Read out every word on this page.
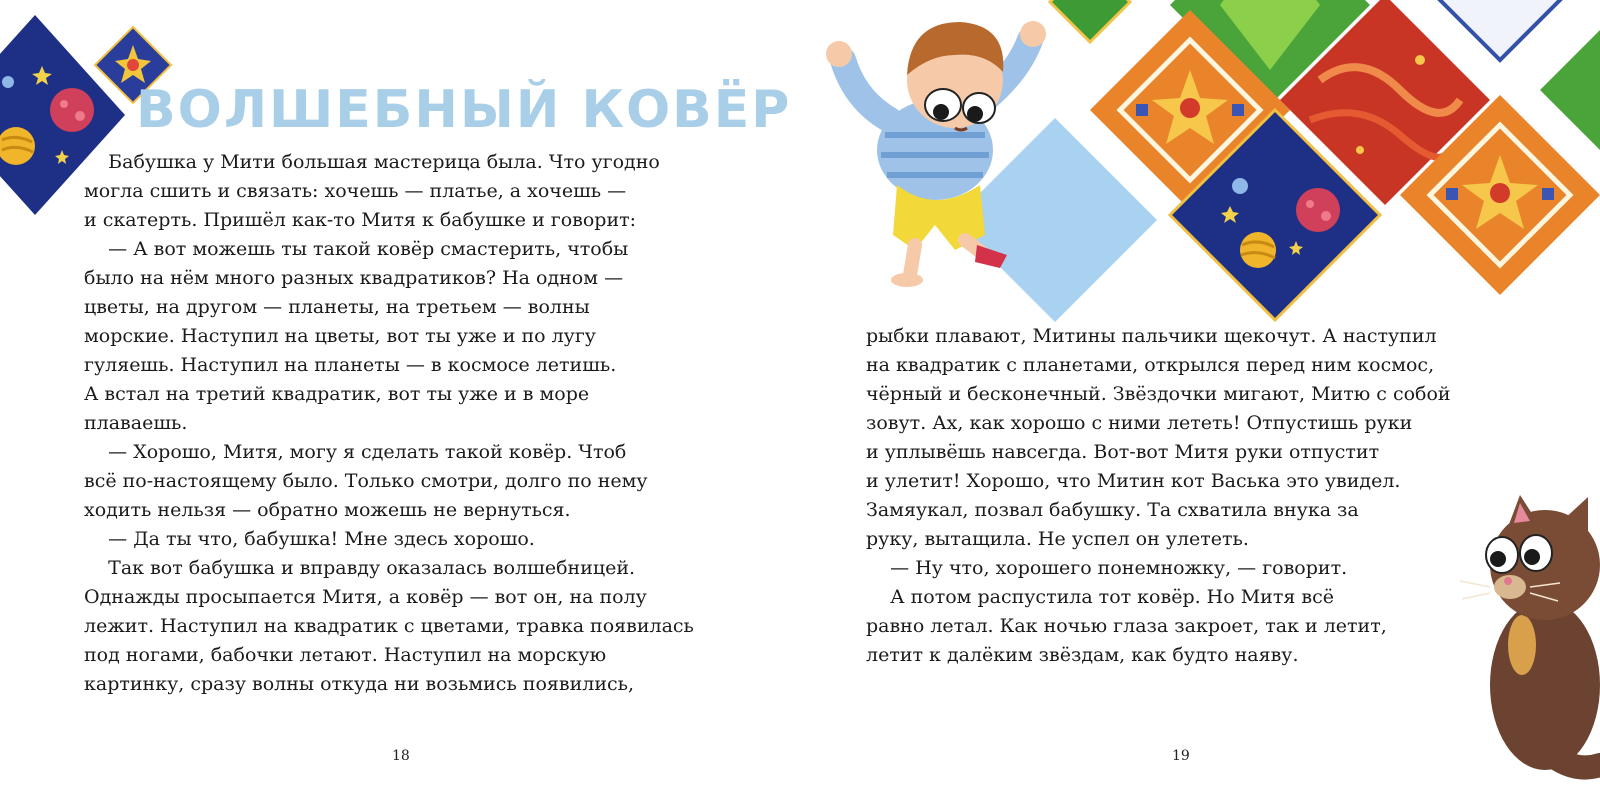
ВОЛШЕБНЫЙ КОВЁР
Бабушка у Мити большая мастерица была. Что угодно
могла сшить и связать: хочешь — платье, а хочешь —
и скатерть. Пришёл как-то Митя к бабушке и говорит:
— А вот можешь ты такой ковёр смастерить, чтобы
было на нём много разных квадратиков? На одном —
цветы, на другом — планеты, на третьем — волны
морские. Наступил на цветы, вот ты уже и по лугу
гуляешь. Наступил на планеты — в космосе летишь.
А встал на третий квадратик, вот ты уже и в море
плаваешь.
— Хорошо, Митя, могу я сделать такой ковёр. Чтоб
всё по-настоящему было. Только смотри, долго по нему
ходить нельзя — обратно можешь не вернуться.
— Да ты что, бабушка! Мне здесь хорошо.
Так вот бабушка и вправду оказалась волшебницей.
Однажды просыпается Митя, а ковёр — вот он, на полу
лежит. Наступил на квадратик с цветами, травка появилась
под ногами, бабочки летают. Наступил на морскую
картинку, сразу волны откуда ни возьмись появились,
18
рыбки плавают, Митины пальчики щекочут. А наступил
на квадратик с планетами, открылся перед ним космос,
чёрный и бесконечный. Звёздочки мигают, Митю с собой
зовут. Ах, как хорошо с ними лететь! Отпустишь руки
и уплывёшь навсегда. Вот-вот Митя руки отпустит
и улетит! Хорошо, что Митин кот Васька это увидел.
Замяукал, позвал бабушку. Та схватила внука за
руку, вытащила. Не успел он улететь.
— Ну что, хорошего понемножку, — говорит.
А потом распустила тот ковёр. Но Митя всё
равно летал. Как ночью глаза закроет, так и летит,
летит к далёким звёздам, как будто наяву.
19
